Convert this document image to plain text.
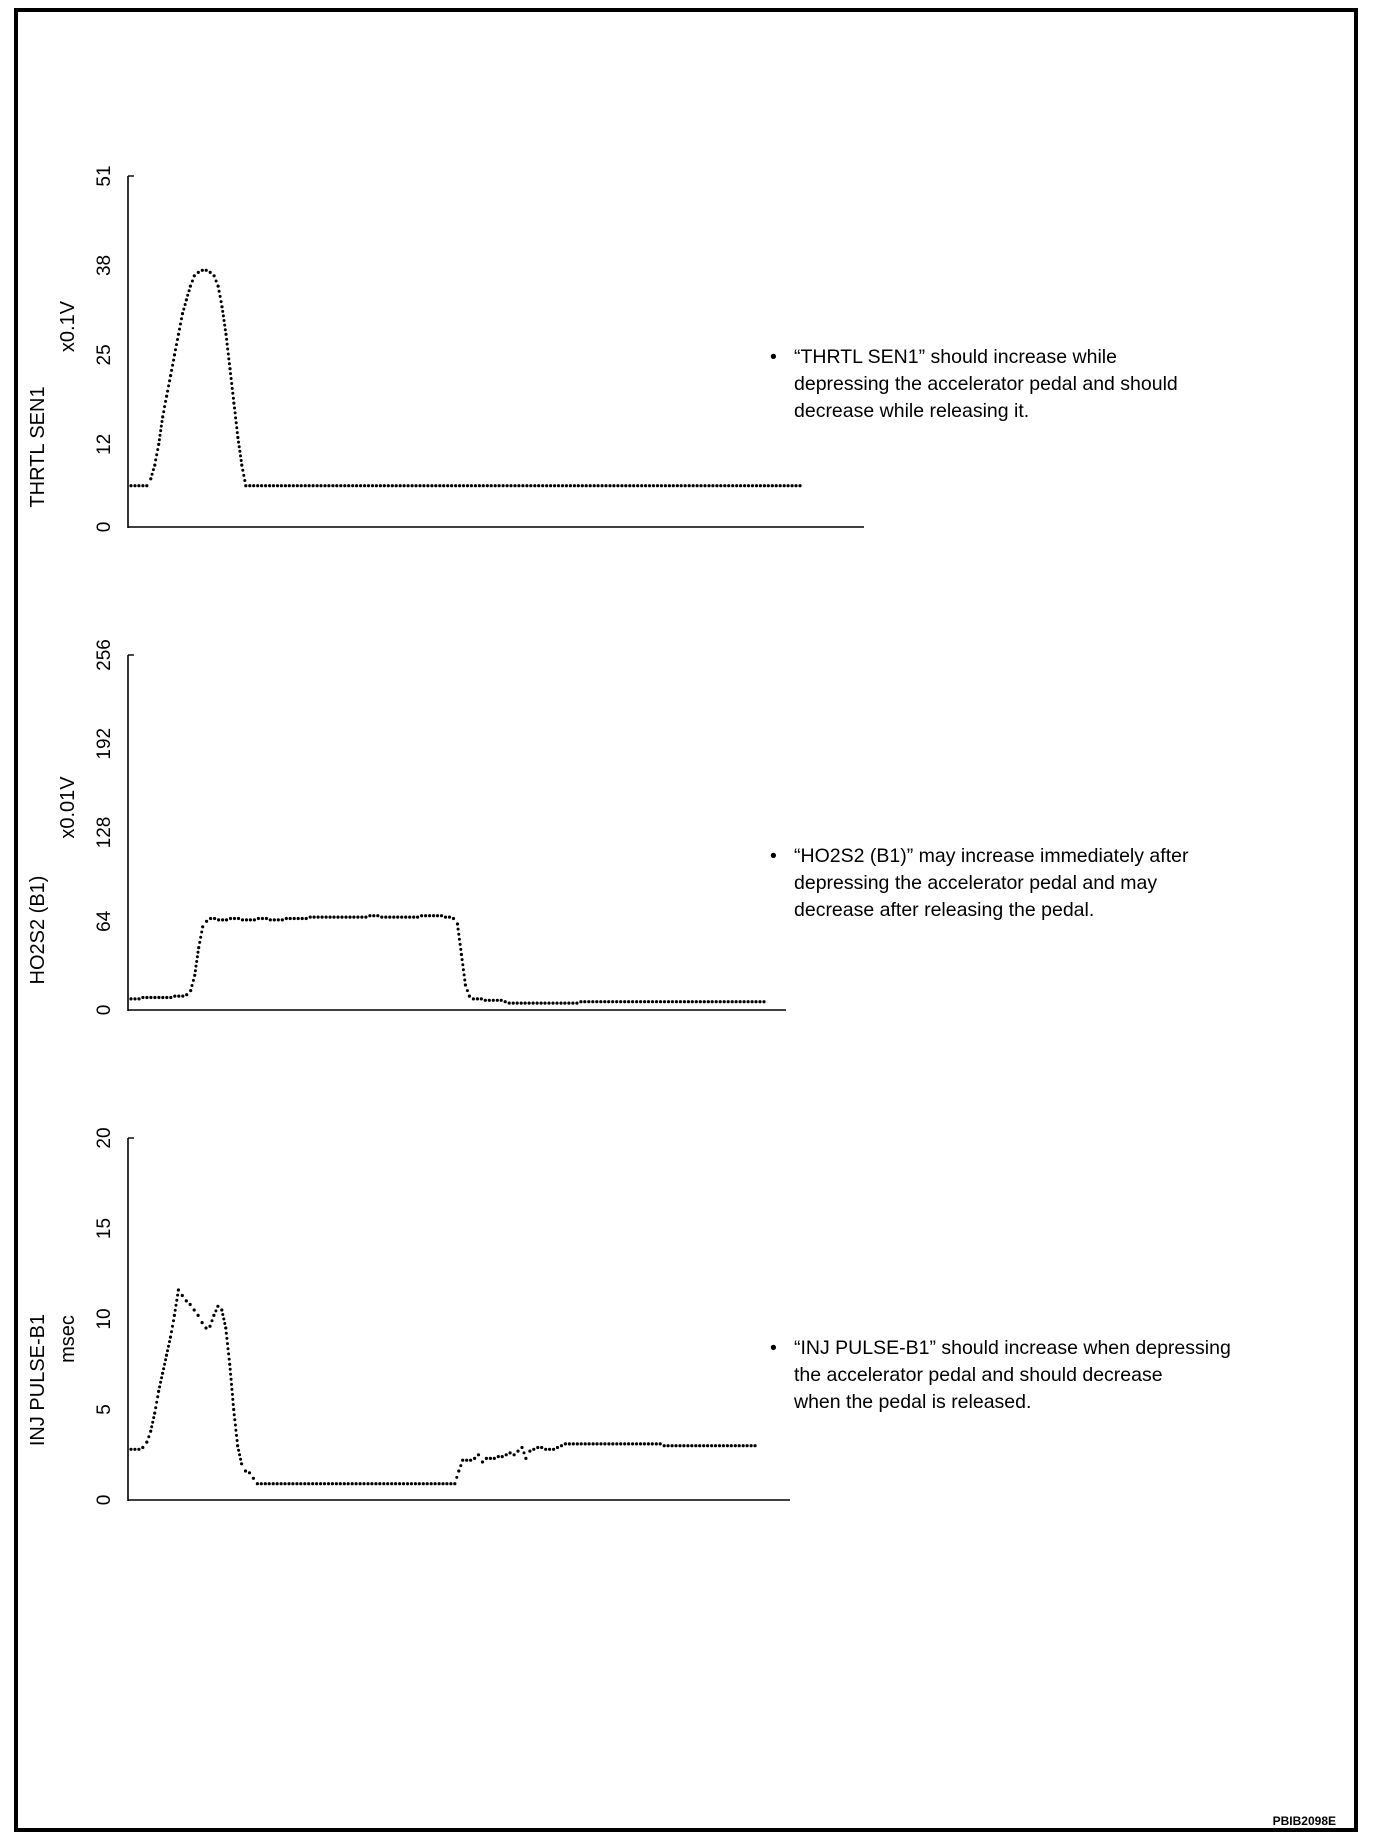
0
12
25
38
51
THRTL SEN1
x0.1V
0
64
128
192
256
HO2S2 (B1)
x0.01V
0
5
10
15
20
INJ PULSE-B1 msec
• “THRTL SEN1” should increase while
depressing the accelerator pedal and should
decrease while releasing it.
• “HO2S2 (B1)” may increase immediately after
depressing the accelerator pedal and may
decrease after releasing the pedal.
• “INJ PULSE-B1” should increase when depressing
the accelerator pedal and should decrease
when the pedal is released.
PBIB2098E
